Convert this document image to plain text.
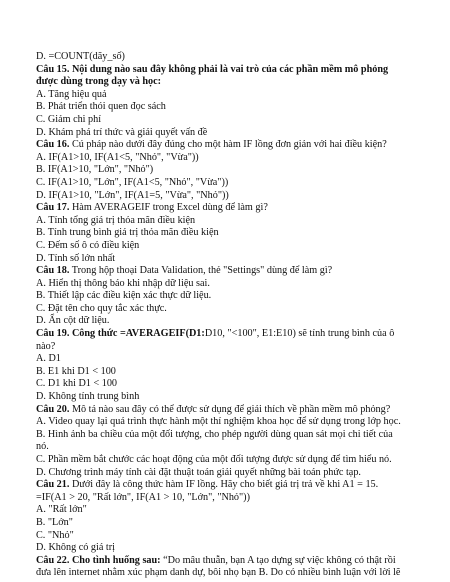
D. =COUNT(dãy_số)
Câu 15. Nội dung nào sau đây không phải là vai trò của các phần mềm mô phỏng
được dùng trong dạy và học:
A. Tăng hiệu quả
B. Phát triển thói quen đọc sách
C. Giảm chi phí
D. Khám phá trí thức và giải quyết vấn đề
Câu 16. Cú pháp nào dưới đây đúng cho một hàm IF lồng đơn giản với hai điều kiện?
A. IF(A1>10, IF(A1<5, "Nhỏ", "Vừa"))
B. IF(A1>10, "Lớn", "Nhỏ")
C. IF(A1>10, "Lớn", IF(A1<5, "Nhỏ", "Vừa"))
D. IF(A1>10, "Lớn", IF(A1=5, "Vừa", "Nhỏ"))
Câu 17. Hàm AVERAGEIF trong Excel dùng để làm gì?
A. Tính tổng giá trị thỏa mãn điều kiện
B. Tính trung bình giá trị thỏa mãn điều kiện
C. Đếm số ô có điều kiện
D. Tính số lớn nhất
Câu 18. Trong hộp thoại Data Validation, thẻ "Settings" dùng để làm gì?
A. Hiển thị thông báo khi nhập dữ liệu sai.
B. Thiết lập các điều kiện xác thực dữ liệu.
C. Đặt tên cho quy tắc xác thực.
D. Ẩn cột dữ liệu.
Câu 19. Công thức =AVERAGEIF(D1:D10, "<100", E1:E10) sẽ tính trung bình của ô
nào?
A. D1
B. E1 khi D1 < 100
C. D1 khi D1 < 100
D. Không tính trung bình
Câu 20. Mô tả nào sau đây có thể được sử dụng để giải thích về phần mềm mô phỏng?
A. Video quay lại quá trình thực hành một thí nghiệm khoa học để sử dụng trong lớp học.
B. Hình ảnh ba chiều của một đối tượng, cho phép người dùng quan sát mọi chi tiết của
nó.
C. Phần mềm bắt chước các hoạt động của một đối tượng được sử dụng để tìm hiểu nó.
D. Chương trình máy tính cài đặt thuật toán giải quyết những bài toán phức tạp.
Câu 21. Dưới đây là công thức hàm IF lồng. Hãy cho biết giá trị trả về khi A1 = 15.
=IF(A1 > 20, "Rất lớn", IF(A1 > 10, "Lớn", "Nhỏ"))
A. "Rất lớn"
B. "Lớn"
C. "Nhỏ"
D. Không có giá trị
Câu 22. Cho tình huống sau: “Do mâu thuẫn, bạn A tạo dựng sự việc không có thật rồi
đưa lên internet nhằm xúc phạm danh dự, bôi nhọ bạn B. Do có nhiều bình luận với lời lẽ
